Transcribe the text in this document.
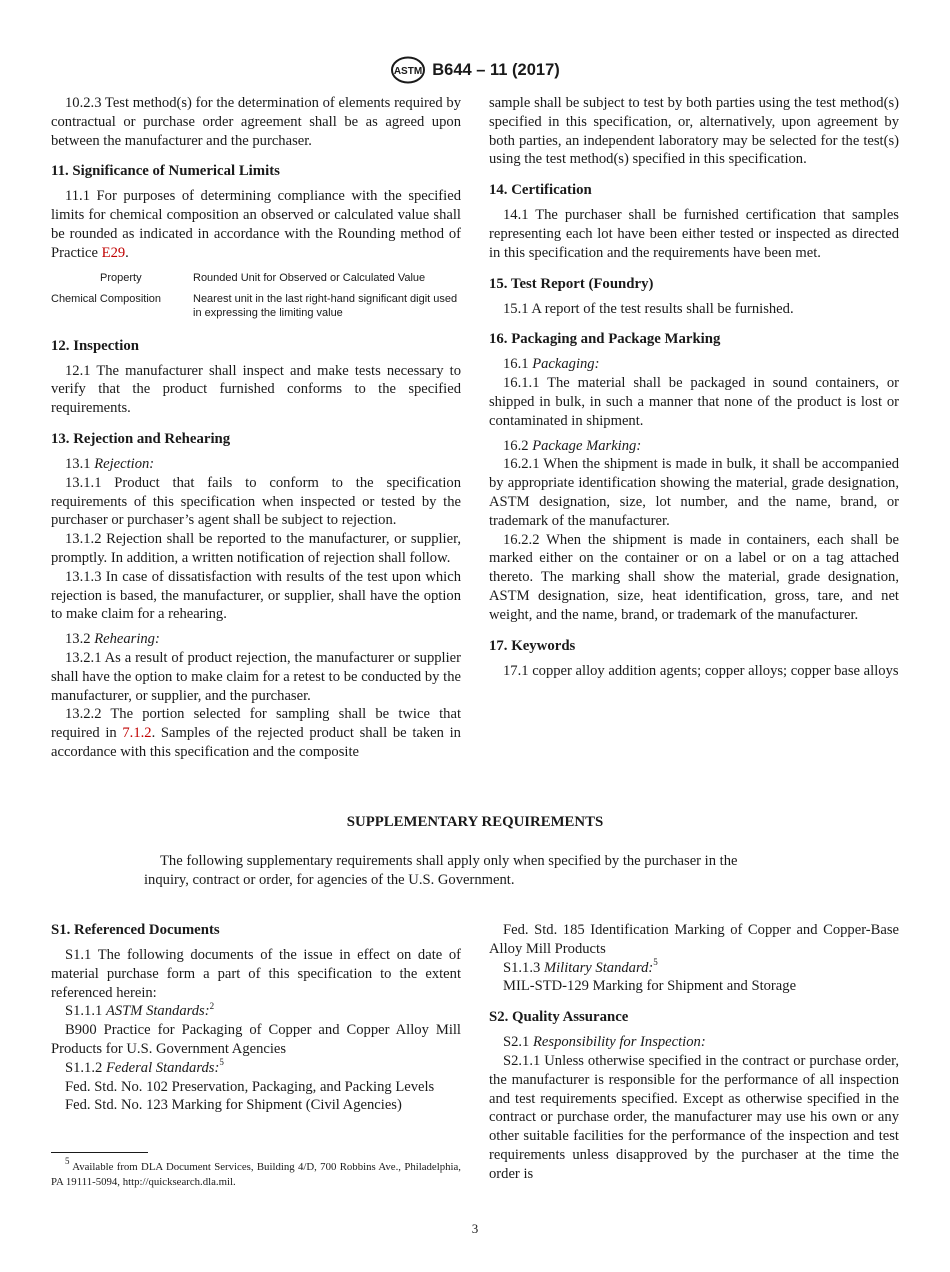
ASTM B644 – 11 (2017)

10.2.3 Test method(s) for the determination of elements required by contractual or purchase order agreement shall be as agreed upon between the manufacturer and the purchaser.

11. Significance of Numerical Limits

11.1 For purposes of determining compliance with the specified limits for chemical composition an observed or calculated value shall be rounded as indicated in accordance with the Rounding method of Practice E29.

Property	Rounded Unit for Observed or Calculated Value
Chemical Composition	Nearest unit in the last right-hand significant digit used in expressing the limiting value

12. Inspection

12.1 The manufacturer shall inspect and make tests necessary to verify that the product furnished conforms to the specified requirements.

13. Rejection and Rehearing

13.1 Rejection:

13.1.1 Product that fails to conform to the specification requirements of this specification when inspected or tested by the purchaser or purchaser’s agent shall be subject to rejection.

13.1.2 Rejection shall be reported to the manufacturer, or supplier, promptly. In addition, a written notification of rejection shall follow.

13.1.3 In case of dissatisfaction with results of the test upon which rejection is based, the manufacturer, or supplier, shall have the option to make claim for a rehearing.

13.2 Rehearing:

13.2.1 As a result of product rejection, the manufacturer or supplier shall have the option to make claim for a retest to be conducted by the manufacturer, or supplier, and the purchaser.

13.2.2 The portion selected for sampling shall be twice that required in 7.1.2. Samples of the rejected product shall be taken in accordance with this specification and the composite

sample shall be subject to test by both parties using the test method(s) specified in this specification, or, alternatively, upon agreement by both parties, an independent laboratory may be selected for the test(s) using the test method(s) specified in this specification.

14. Certification

14.1 The purchaser shall be furnished certification that samples representing each lot have been either tested or inspected as directed in this specification and the requirements have been met.

15. Test Report (Foundry)

15.1 A report of the test results shall be furnished.

16. Packaging and Package Marking

16.1 Packaging:

16.1.1 The material shall be packaged in sound containers, or shipped in bulk, in such a manner that none of the product is lost or contaminated in shipment.

16.2 Package Marking:

16.2.1 When the shipment is made in bulk, it shall be accompanied by appropriate identification showing the material, grade designation, ASTM designation, size, lot number, and the name, brand, or trademark of the manufacturer.

16.2.2 When the shipment is made in containers, each shall be marked either on the container or on a label or on a tag attached thereto. The marking shall show the material, grade designation, ASTM designation, size, heat identification, gross, tare, and net weight, and the name, brand, or trademark of the manufacturer.

17. Keywords

17.1 copper alloy addition agents; copper alloys; copper base alloys

SUPPLEMENTARY REQUIREMENTS
The following supplementary requirements shall apply only when specified by the purchaser in the
inquiry, contract or order, for agencies of the U.S. Government.

S1. Referenced Documents

S1.1 The following documents of the issue in effect on date of material purchase form a part of this specification to the extent referenced herein:

S1.1.1 ASTM Standards:$^2$

B900 Practice for Packaging of Copper and Copper Alloy Mill Products for U.S. Government Agencies

S1.1.2 Federal Standards:$^5$

Fed. Std. No. 102 Preservation, Packaging, and Packing Levels

Fed. Std. No. 123 Marking for Shipment (Civil Agencies)

$^5$ Available from DLA Document Services, Building 4/D, 700 Robbins Ave., Philadelphia, PA 19111-5094, http://quicksearch.dla.mil.

Fed. Std. 185 Identification Marking of Copper and Copper-Base Alloy Mill Products

S1.1.3 Military Standard:$^5$

MIL-STD-129 Marking for Shipment and Storage

S2. Quality Assurance

S2.1 Responsibility for Inspection:

S2.1.1 Unless otherwise specified in the contract or purchase order, the manufacturer is responsible for the performance of all inspection and test requirements specified. Except as otherwise specified in the contract or purchase order, the manufacturer may use his own or any other suitable facilities for the performance of the inspection and test requirements unless disapproved by the purchaser at the time the order is

3
